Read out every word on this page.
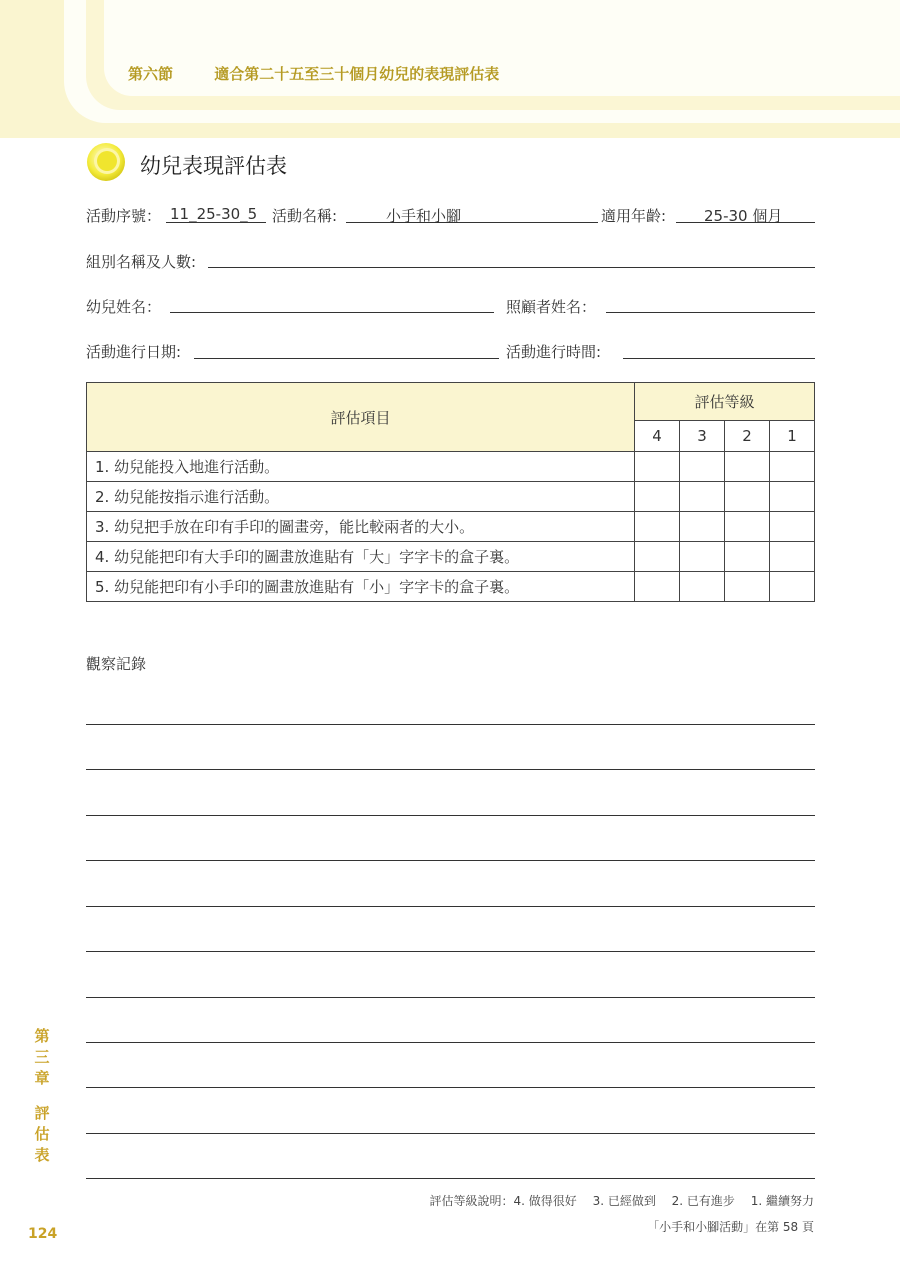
第六節	適合第二十五至三十個月幼兒的表現評估表
幼兒表現評估表
活動序號： 11_25-30_5 活動名稱:	小手和小腳	適用年齡:	25-30 個月
組別名稱及人數:
幼兒姓名：	照顧者姓名：
活動進行日期:	活動進行時間:
評估項目	評估等級			
	4	3	2	1
1. 幼兒能投入地進行活動。				
2. 幼兒能按指示進行活動。				
3. 幼兒把手放在印有手印的圖畫旁，能比較兩者的大小。				
4. 幼兒能把印有大手印的圖畫放進貼有「大」字字卡的盒子裏。				
5. 幼兒能把印有小手印的圖畫放進貼有「小」字字卡的盒子裏。				
觀察記錄
第
三
章
評
估
表
124
評估等級說明：4. 做得很好　 3. 已經做到　 2. 已有進步　 1. 繼續努力
「小手和小腳活動」在第 58 頁
